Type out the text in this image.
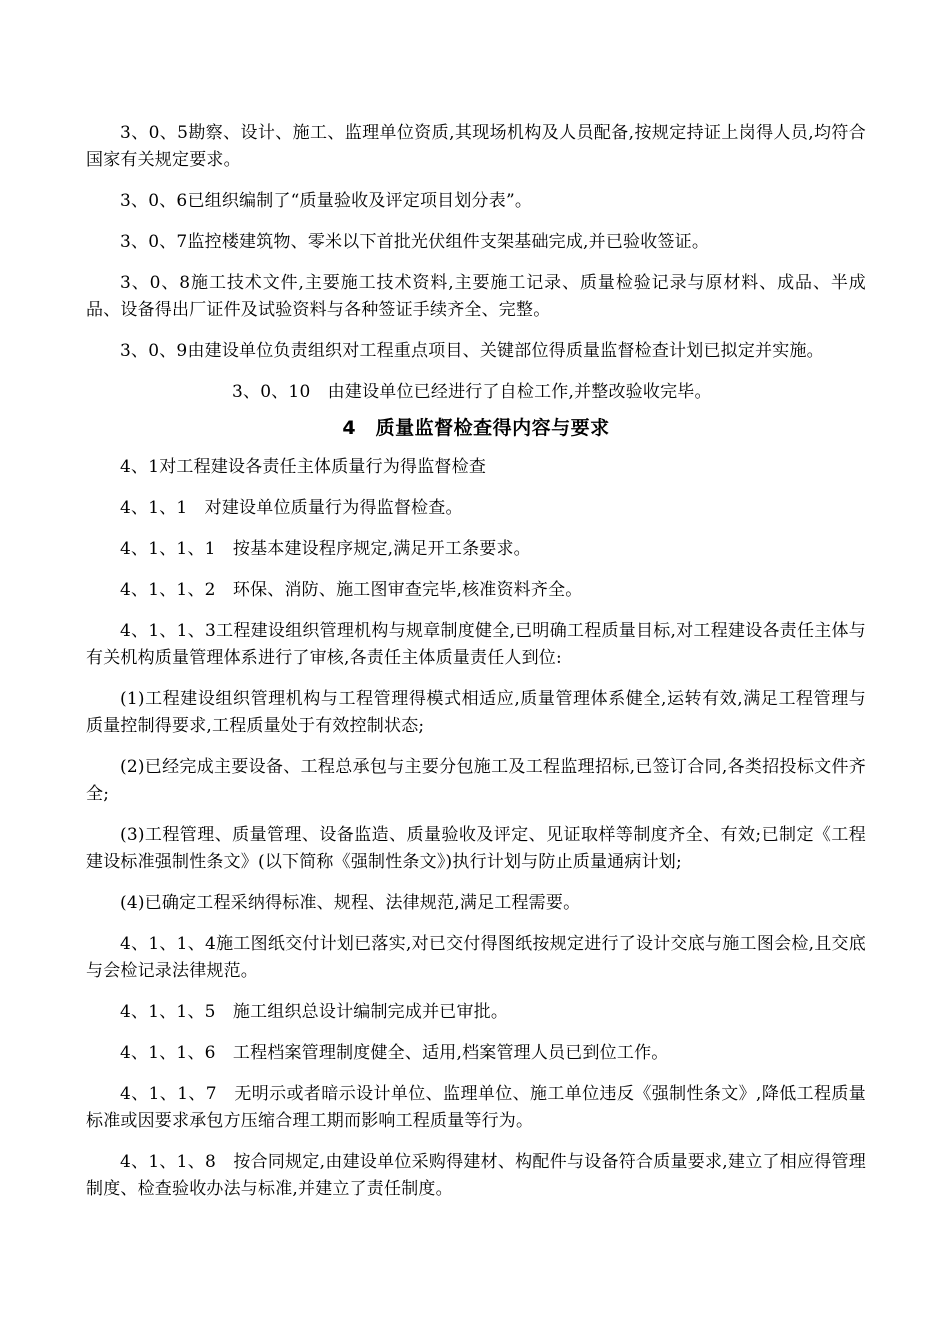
3、0、5勘察、设计、施工、监理单位资质,其现场机构及人员配备,按规定持证上岗得人员,均符合国家有关规定要求。

3、0、6已组织编制了“质量验收及评定项目划分表”。

3、0、7监控楼建筑物、零米以下首批光伏组件支架基础完成,并已验收签证。

3、0、8施工技术文件,主要施工技术资料,主要施工记录、质量检验记录与原材料、成品、半成品、设备得出厂证件及试验资料与各种签证手续齐全、完整。

3、0、9由建设单位负责组织对工程重点项目、关键部位得质量监督检查计划已拟定并实施。

3、0、10　由建设单位已经进行了自检工作,并整改验收完毕。

4　质量监督检查得内容与要求

4、1对工程建设各责任主体质量行为得监督检查

4、1、1　对建设单位质量行为得监督检查。

4、1、1、1　按基本建设程序规定,满足开工条要求。

4、1、1、2　环保、消防、施工图审查完毕,核准资料齐全。

4、1、1、3工程建设组织管理机构与规章制度健全,已明确工程质量目标,对工程建设各责任主体与有关机构质量管理体系进行了审核,各责任主体质量责任人到位:

(1)工程建设组织管理机构与工程管理得模式相适应,质量管理体系健全,运转有效,满足工程管理与质量控制得要求,工程质量处于有效控制状态;

(2)已经完成主要设备、工程总承包与主要分包施工及工程监理招标,已签订合同,各类招投标文件齐全;

(3)工程管理、质量管理、设备监造、质量验收及评定、见证取样等制度齐全、有效;已制定《工程建设标准强制性条文》(以下简称《强制性条文》)执行计划与防止质量通病计划;

(4)已确定工程采纳得标准、规程、法律规范,满足工程需要。

4、1、1、4施工图纸交付计划已落实,对已交付得图纸按规定进行了设计交底与施工图会检,且交底与会检记录法律规范。

4、1、1、5　施工组织总设计编制完成并已审批。

4、1、1、6　工程档案管理制度健全、适用,档案管理人员已到位工作。

4、1、1、7　无明示或者暗示设计单位、监理单位、施工单位违反《强制性条文》,降低工程质量标准或因要求承包方压缩合理工期而影响工程质量等行为。

4、1、1、8　按合同规定,由建设单位采购得建材、构配件与设备符合质量要求,建立了相应得管理制度、检查验收办法与标准,并建立了责任制度。
